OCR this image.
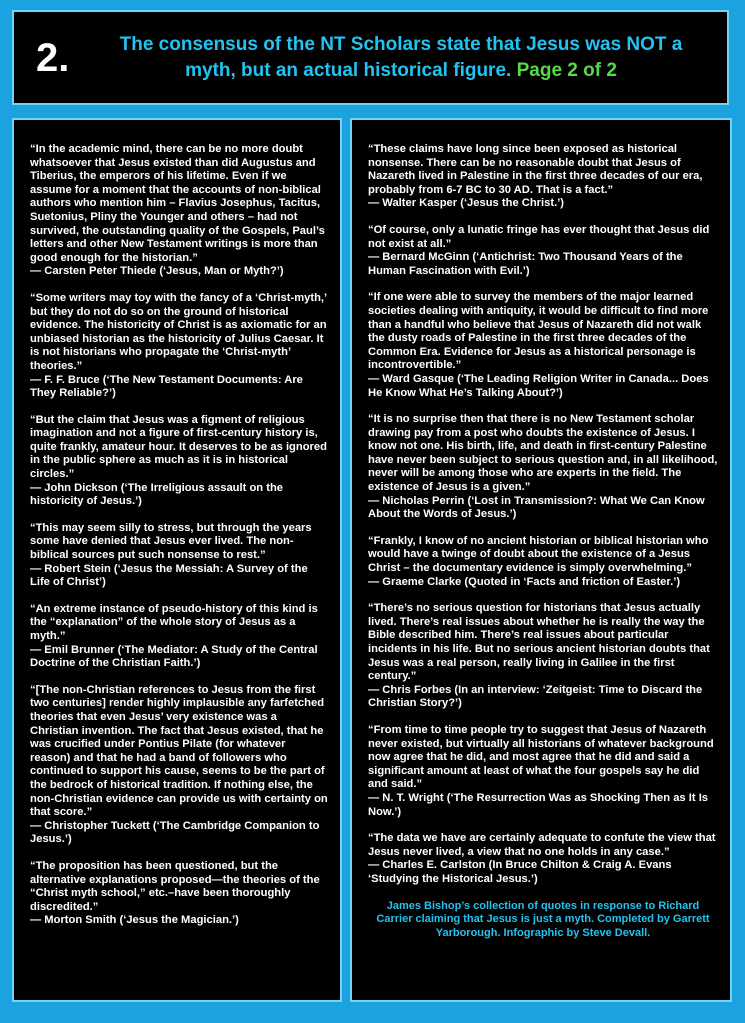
2.	The consensus of the NT Scholars state that Jesus was NOT a myth, but an actual historical figure. Page 2 of 2

“In the academic mind, there can be no more doubt whatsoever that Jesus existed than did Augustus and Tiberius, the emperors of his lifetime. Even if we assume for a moment that the accounts of non-biblical authors who mention him – Flavius Josephus, Tacitus, Suetonius, Pliny the Younger and others – had not survived, the outstanding quality of the Gospels, Paul’s letters and other New Testament writings is more than good enough for the historian.”

— Carsten Peter Thiede (‘Jesus, Man or Myth?’)

“Some writers may toy with the fancy of a ‘Christ-myth,’ but they do not do so on the ground of historical evidence. The historicity of Christ is as axiomatic for an unbiased historian as the historicity of Julius Caesar. It is not historians who propagate the ‘Christ-myth’ theories.”

— F. F. Bruce (‘The New Testament Documents: Are They Reliable?’)

“But the claim that Jesus was a figment of religious imagination and not a figure of first-century history is, quite frankly, amateur hour. It deserves to be as ignored in the public sphere as much as it is in historical circles.”

— John Dickson (‘The Irreligious assault on the historicity of Jesus.’)

“This may seem silly to stress, but through the years some have denied that Jesus ever lived. The non-biblical sources put such nonsense to rest.”

— Robert Stein (‘Jesus the Messiah: A Survey of the Life of Christ’)

“An extreme instance of pseudo-history of this kind is the “explanation” of the whole story of Jesus as a myth.”

— Emil Brunner (‘The Mediator: A Study of the Central Doctrine of the Christian Faith.’)

“[The non-Christian references to Jesus from the first two centuries] render highly implausible any farfetched theories that even Jesus’ very existence was a Christian invention. The fact that Jesus existed, that he was crucified under Pontius Pilate (for whatever reason) and that he had a band of followers who continued to support his cause, seems to be the part of the bedrock of historical tradition. If nothing else, the non-Christian evidence can provide us with certainty on that score.”

— Christopher Tuckett (‘The Cambridge Companion to Jesus.’)

“The proposition has been questioned, but the alternative explanations proposed—the theories of the “Christ myth school,” etc.–have been thoroughly discredited.”

— Morton Smith (‘Jesus the Magician.’)

“These claims have long since been exposed as historical nonsense. There can be no reasonable doubt that Jesus of Nazareth lived in Palestine in the first three decades of our era, probably from 6-7 BC to 30 AD. That is a fact.”

— Walter Kasper (‘Jesus the Christ.’)

“Of course, only a lunatic fringe has ever thought that Jesus did not exist at all.”

— Bernard McGinn (‘Antichrist: Two Thousand Years of the Human Fascination with Evil.’)

“If one were able to survey the members of the major learned societies dealing with antiquity, it would be difficult to find more than a handful who believe that Jesus of Nazareth did not walk the dusty roads of Palestine in the first three decades of the Common Era. Evidence for Jesus as a historical personage is incontrovertible.”

— Ward Gasque (‘The Leading Religion Writer in Canada... Does He Know What He’s Talking About?’)

“It is no surprise then that there is no New Testament scholar drawing pay from a post who doubts the existence of Jesus. I know not one. His birth, life, and death in first-century Palestine have never been subject to serious question and, in all likelihood, never will be among those who are experts in the field. The existence of Jesus is a given.”

— Nicholas Perrin (‘Lost in Transmission?: What We Can Know About the Words of Jesus.’)

“Frankly, I know of no ancient historian or biblical historian who would have a twinge of doubt about the existence of a Jesus Christ – the documentary evidence is simply overwhelming.”

— Graeme Clarke (Quoted in ‘Facts and friction of Easter.’)

“There’s no serious question for historians that Jesus actually lived. There’s real issues about whether he is really the way the Bible described him. There’s real issues about particular incidents in his life. But no serious ancient historian doubts that Jesus was a real person, really living in Galilee in the first century.”

— Chris Forbes (In an interview: ‘Zeitgeist: Time to Discard the Christian Story?’)

“From time to time people try to suggest that Jesus of Nazareth never existed, but virtually all historians of whatever background now agree that he did, and most agree that he did and said a significant amount at least of what the four gospels say he did and said.”

— N. T. Wright (‘The Resurrection Was as Shocking Then as It Is Now.’)

“The data we have are certainly adequate to confute the view that Jesus never lived, a view that no one holds in any case.”

— Charles E. Carlston (In Bruce Chilton & Craig A. Evans ‘Studying the Historical Jesus.’)

James Bishop’s collection of quotes in response to Richard Carrier claiming that Jesus is just a myth. Completed by Garrett Yarborough. Infographic by Steve Devall.
